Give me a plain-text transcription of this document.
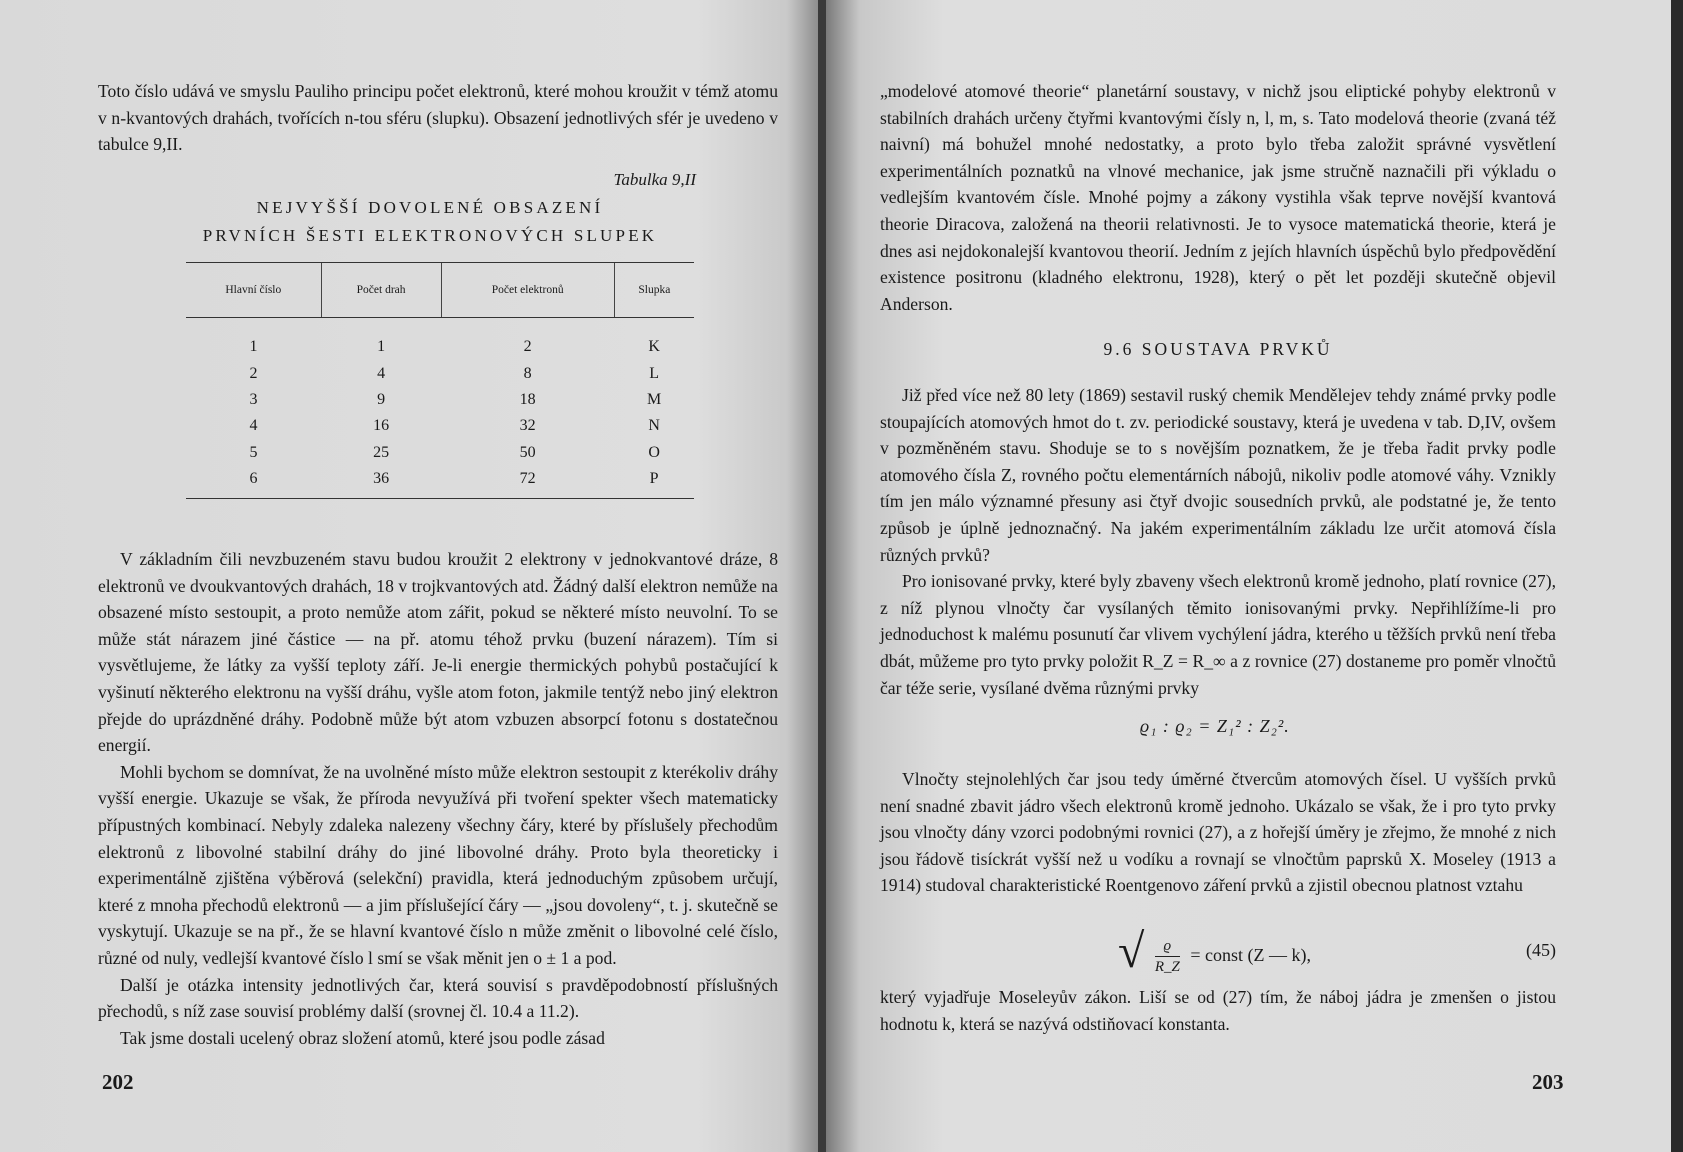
Toto číslo udává ve smyslu Pauliho principu počet elektronů, které mohou kroužit v témž atomu v n-kvantových drahách, tvořících n-tou sféru (slupku). Obsazení jednotlivých sfér je uvedeno v tabulce 9,II.

Tabulka 9,II
NEJVYŠŠÍ DOVOLENÉ OBSAZENÍ
PRVNÍCH ŠESTI ELEKTRONOVÝCH SLUPEK
Hlavní číslo	Počet drah	Počet elektronů	Slupka
1	1	2	K
2	4	8	L
3	9	18	M
4	16	32	N
5	25	50	O
6	36	72	P

V základním čili nevzbuzeném stavu budou kroužit 2 elektrony v jednokvantové dráze, 8 elektronů ve dvoukvantových drahách, 18 v trojkvantových atd. Žádný další elektron nemůže na obsazené místo sestoupit, a proto nemůže atom zářit, pokud se některé místo neuvolní. To se může stát nárazem jiné částice — na př. atomu téhož prvku (buzení nárazem). Tím si vysvětlujeme, že látky za vyšší teploty září. Je-li energie thermických pohybů postačující k vyšinutí některého elektronu na vyšší dráhu, vyšle atom foton, jakmile tentýž nebo jiný elektron přejde do uprázdněné dráhy. Podobně může být atom vzbuzen absorpcí fotonu s dostatečnou energií.

Mohli bychom se domnívat, že na uvolněné místo může elektron sestoupit z kterékoliv dráhy vyšší energie. Ukazuje se však, že příroda nevyužívá při tvoření spekter všech matematicky přípustných kombinací. Nebyly zdaleka nalezeny všechny čáry, které by příslušely přechodům elektronů z libovolné stabilní dráhy do jiné libovolné dráhy. Proto byla theoreticky i experimentálně zjištěna výběrová (selekční) pravidla, která jednoduchým způsobem určují, které z mnoha přechodů elektronů — a jim příslušející čáry — „jsou dovoleny“, t. j. skutečně se vyskytují. Ukazuje se na př., že se hlavní kvantové číslo n může změnit o libovolné celé číslo, různé od nuly, vedlejší kvantové číslo l smí se však měnit jen o ± 1 a pod.

Další je otázka intensity jednotlivých čar, která souvisí s pravděpodobností příslušných přechodů, s níž zase souvisí problémy další (srovnej čl. 10.4 a 11.2).

Tak jsme dostali ucelený obraz složení atomů, které jsou podle zásad

202

„modelové atomové theorie“ planetární soustavy, v nichž jsou eliptické pohyby elektronů v stabilních drahách určeny čtyřmi kvantovými čísly n, l, m, s. Tato modelová theorie (zvaná též naivní) má bohužel mnohé nedostatky, a proto bylo třeba založit správné vysvětlení experimentálních poznatků na vlnové mechanice, jak jsme stručně naznačili při výkladu o vedlejším kvantovém čísle. Mnohé pojmy a zákony vystihla však teprve novější kvantová theorie Diracova, založená na theorii relativnosti. Je to vysoce matematická theorie, která je dnes asi nejdokonalejší kvantovou theorií. Jedním z jejích hlavních úspěchů bylo předpovědění existence positronu (kladného elektronu, 1928), který o pět let později skutečně objevil Anderson.

9.6 SOUSTAVA PRVKŮ

Již před více než 80 lety (1869) sestavil ruský chemik Mendělejev tehdy známé prvky podle stoupajících atomových hmot do t. zv. periodické soustavy, která je uvedena v tab. D,IV, ovšem v pozměněném stavu. Shoduje se to s novějším poznatkem, že je třeba řadit prvky podle atomového čísla Z, rovného počtu elementárních nábojů, nikoliv podle atomové váhy. Vznikly tím jen málo významné přesuny asi čtyř dvojic sousedních prvků, ale podstatné je, že tento způsob je úplně jednoznačný. Na jakém experimentálním základu lze určit atomová čísla různých prvků?

Pro ionisované prvky, které byly zbaveny všech elektronů kromě jednoho, platí rovnice (27), z níž plynou vlnočty čar vysílaných těmito ionisovanými prvky. Nepřihlížíme-li pro jednoduchost k malému posunutí čar vlivem vychýlení jádra, kterého u těžších prvků není třeba dbát, můžeme pro tyto prvky položit R_Z = R_∞ a z rovnice (27) dostaneme pro poměr vlnočtů čar téže serie, vysílané dvěma různými prvky

ϱ₁ : ϱ₂ = Z₁² : Z₂².

Vlnočty stejnolehlých čar jsou tedy úměrné čtvercům atomových čísel. U vyšších prvků není snadné zbavit jádro všech elektronů kromě jednoho. Ukázalo se však, že i pro tyto prvky jsou vlnočty dány vzorci podobnými rovnici (27), a z hořejší úměry je zřejmo, že mnohé z nich jsou řádově tisíckrát vyšší než u vodíku a rovnají se vlnočtům paprsků X. Moseley (1913 a 1914) studoval charakteristické Roentgenovo záření prvků a zjistil obecnou platnost vztahu

√ $\frac{ϱ}{R\_Z}$ = const (Z — k),	(45)

který vyjadřuje Moseleyův zákon. Liší se od (27) tím, že náboj jádra je zmenšen o jistou hodnotu k, která se nazývá odstiňovací konstanta.

203
